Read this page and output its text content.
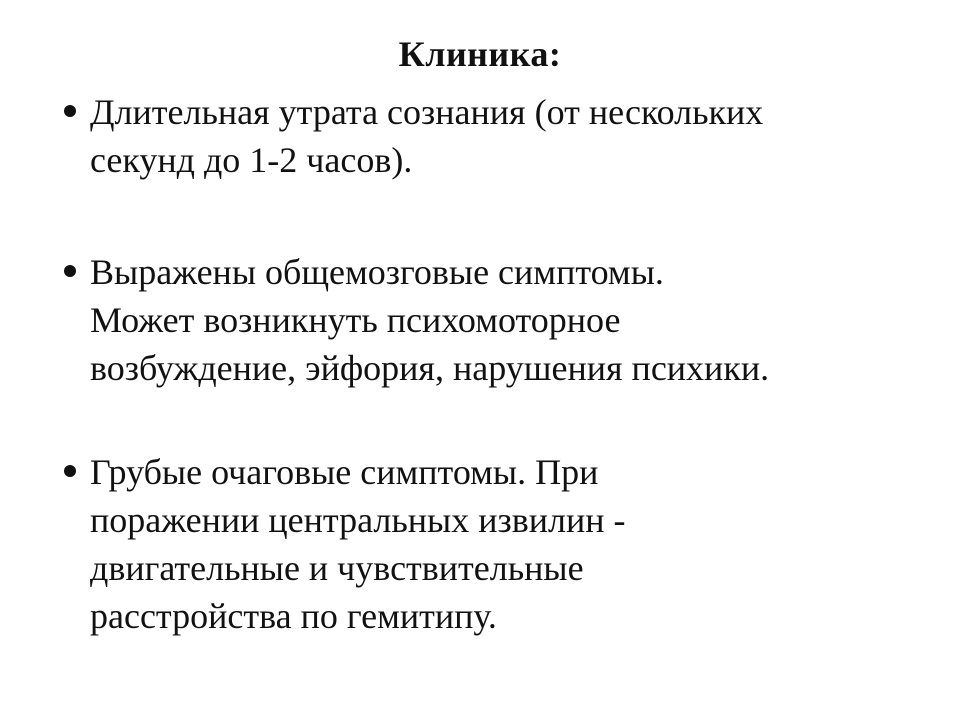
Клиника:
Длительная утрата сознания (от нескольких
секунд до 1-2 часов).
Выражены общемозговые симптомы.
Может возникнуть психомоторное
возбуждение, эйфория, нарушения психики.
Грубые очаговые симптомы. При
поражении центральных извилин -
двигательные и чувствительные
расстройства по гемитипу.
